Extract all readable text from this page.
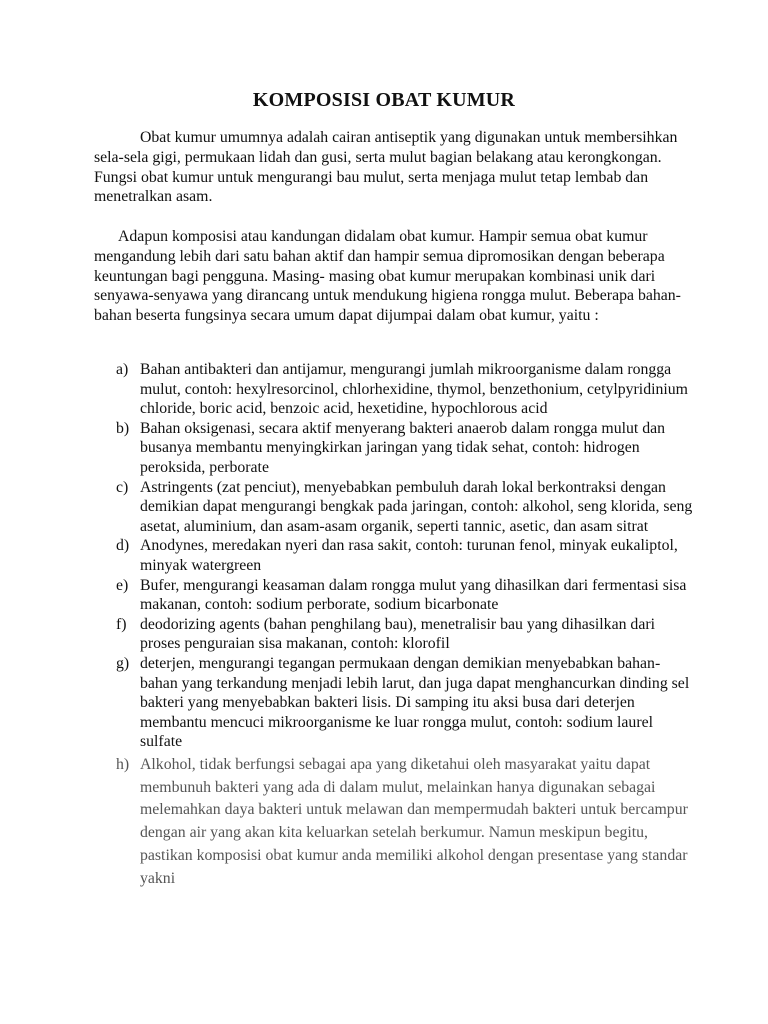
KOMPOSISI OBAT KUMUR

Obat kumur umumnya adalah cairan antiseptik yang digunakan untuk membersihkan sela-sela gigi, permukaan lidah dan gusi, serta mulut bagian belakang atau kerongkongan. Fungsi obat kumur untuk mengurangi bau mulut, serta menjaga mulut tetap lembab dan menetralkan asam.

Adapun komposisi atau kandungan didalam obat kumur. Hampir semua obat kumur mengandung lebih dari satu bahan aktif dan hampir semua dipromosikan dengan beberapa keuntungan bagi pengguna. Masing- masing obat kumur merupakan kombinasi unik dari senyawa-senyawa yang dirancang untuk mendukung higiena rongga mulut. Beberapa bahan-bahan beserta fungsinya secara umum dapat dijumpai dalam obat kumur, yaitu :

a) Bahan antibakteri dan antijamur, mengurangi jumlah mikroorganisme dalam rongga mulut, contoh: hexylresorcinol, chlorhexidine, thymol, benzethonium, cetylpyridinium chloride, boric acid, benzoic acid, hexetidine, hypochlorous acid
b) Bahan oksigenasi, secara aktif menyerang bakteri anaerob dalam rongga mulut dan busanya membantu menyingkirkan jaringan yang tidak sehat, contoh: hidrogen peroksida, perborate
c) Astringents (zat penciut), menyebabkan pembuluh darah lokal berkontraksi dengan demikian dapat mengurangi bengkak pada jaringan, contoh: alkohol, seng klorida, seng asetat, aluminium, dan asam-asam organik, seperti tannic, asetic, dan asam sitrat
d) Anodynes, meredakan nyeri dan rasa sakit, contoh: turunan fenol, minyak eukaliptol, minyak watergreen
e) Bufer, mengurangi keasaman dalam rongga mulut yang dihasilkan dari fermentasi sisa makanan, contoh: sodium perborate, sodium bicarbonate
f) deodorizing agents (bahan penghilang bau), menetralisir bau yang dihasilkan dari proses penguraian sisa makanan, contoh: klorofil
g) deterjen, mengurangi tegangan permukaan dengan demikian menyebabkan bahan-bahan yang terkandung menjadi lebih larut, dan juga dapat menghancurkan dinding sel bakteri yang menyebabkan bakteri lisis. Di samping itu aksi busa dari deterjen membantu mencuci mikroorganisme ke luar rongga mulut, contoh: sodium laurel sulfate
h) Alkohol, tidak berfungsi sebagai apa yang diketahui oleh masyarakat yaitu dapat membunuh bakteri yang ada di dalam mulut, melainkan hanya digunakan sebagai melemahkan daya bakteri untuk melawan dan mempermudah bakteri untuk bercampur dengan air yang akan kita keluarkan setelah berkumur. Namun meskipun begitu, pastikan komposisi obat kumur anda memiliki alkohol dengan presentase yang standar yakni
